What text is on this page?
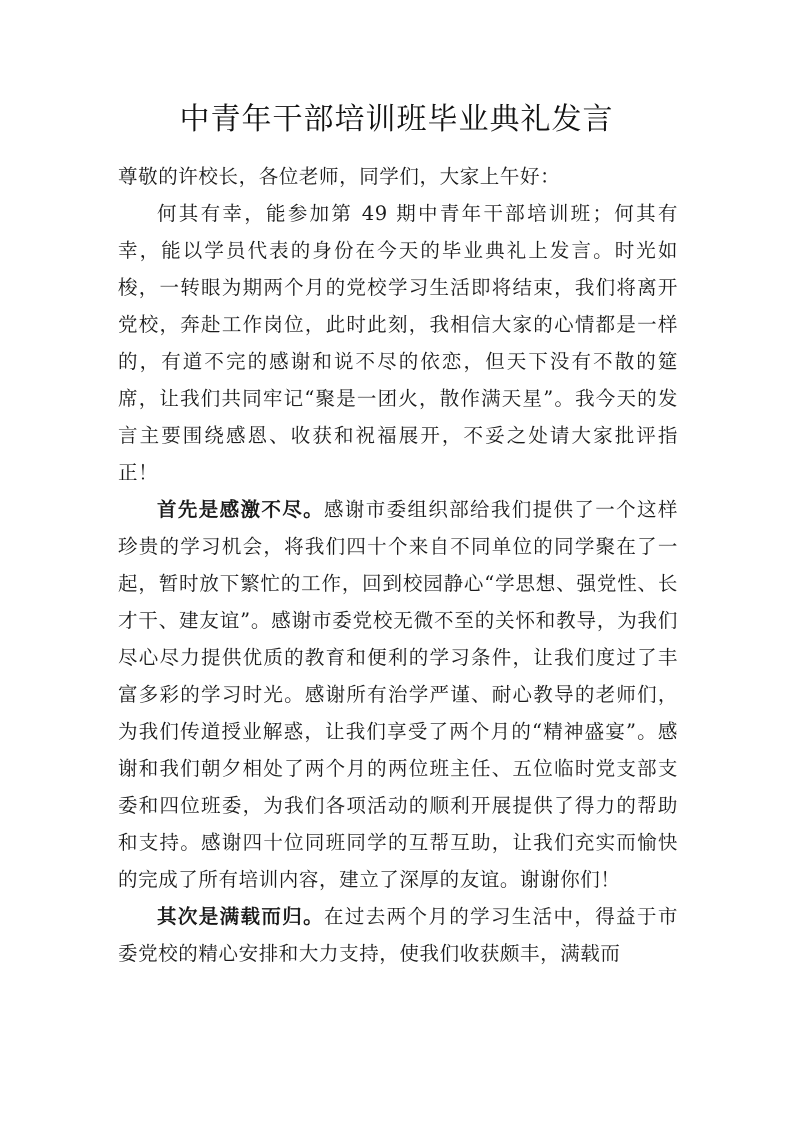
中青年干部培训班毕业典礼发言

尊敬的许校长，各位老师，同学们，大家上午好：

何其有幸，能参加第 49 期中青年干部培训班；何其有幸，能以学员代表的身份在今天的毕业典礼上发言。时光如梭，一转眼为期两个月的党校学习生活即将结束，我们将离开党校，奔赴工作岗位，此时此刻，我相信大家的心情都是一样的，有道不完的感谢和说不尽的依恋，但天下没有不散的筵席，让我们共同牢记“聚是一团火，散作满天星”。我今天的发言主要围绕感恩、收获和祝福展开，不妥之处请大家批评指正！

首先是感激不尽。感谢市委组织部给我们提供了一个这样珍贵的学习机会，将我们四十个来自不同单位的同学聚在了一起，暂时放下繁忙的工作，回到校园静心“学思想、强党性、长才干、建友谊”。感谢市委党校无微不至的关怀和教导，为我们尽心尽力提供优质的教育和便利的学习条件，让我们度过了丰富多彩的学习时光。感谢所有治学严谨、耐心教导的老师们，为我们传道授业解惑，让我们享受了两个月的“精神盛宴”。感谢和我们朝夕相处了两个月的两位班主任、五位临时党支部支委和四位班委，为我们各项活动的顺利开展提供了得力的帮助和支持。感谢四十位同班同学的互帮互助，让我们充实而愉快的完成了所有培训内容，建立了深厚的友谊。谢谢你们！

其次是满载而归。在过去两个月的学习生活中，得益于市委党校的精心安排和大力支持，使我们收获颇丰，满载而
